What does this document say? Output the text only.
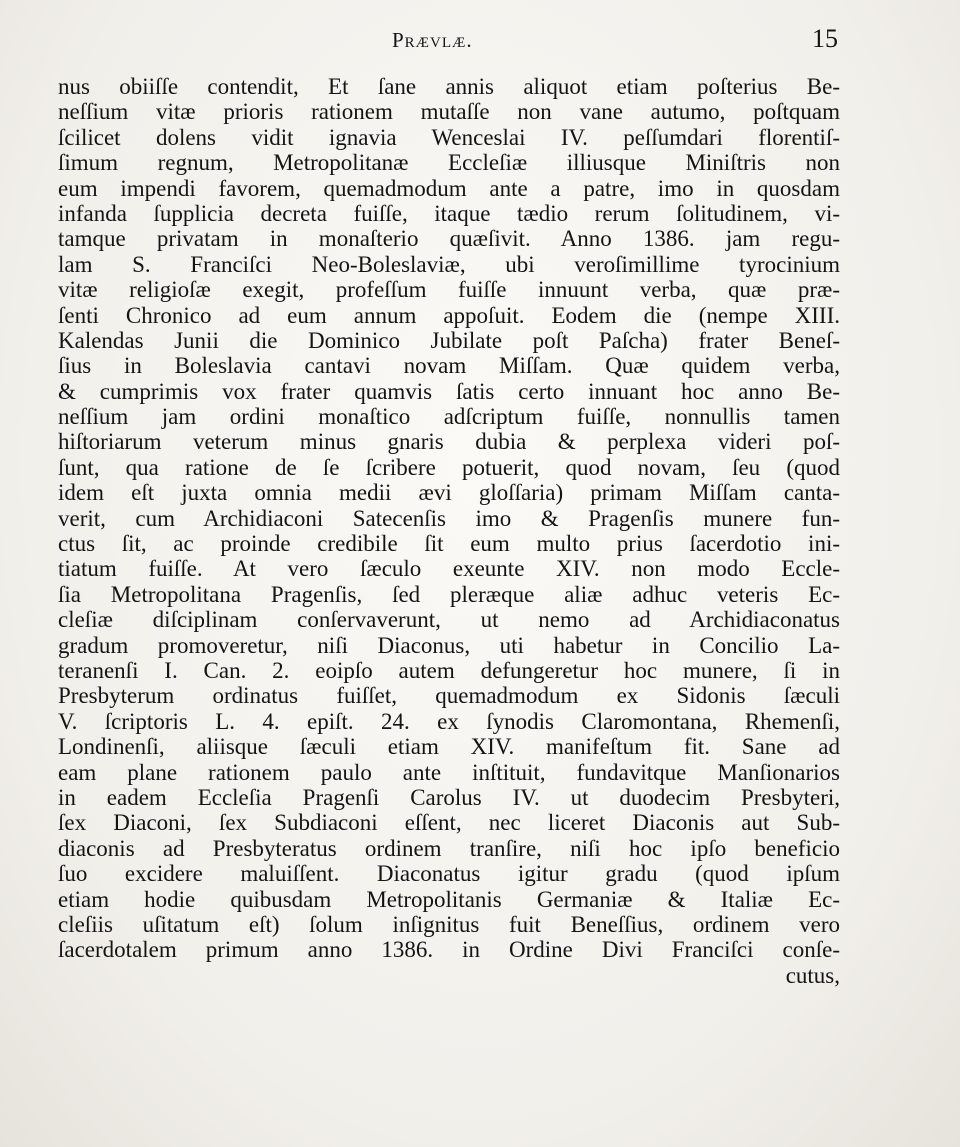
Prævlæ.	15
nus obiiſſe contendit, Et ſane annis aliquot etiam poſterius Be-
neſſium vitæ prioris rationem mutaſſe non vane autumo, poſtquam
ſcilicet dolens vidit ignavia Wenceslai IV. peſſumdari florentiſ-
ſimum regnum, Metropolitanæ Eccleſiæ illiusque Miniſtris non
eum impendi favorem, quemadmodum ante a patre, imo in quosdam
infanda ſupplicia decreta fuiſſe, itaque tædio rerum ſolitudinem, vi-
tamque privatam in monaſterio quæſivit. Anno 1386. jam regu-
lam S. Franciſci Neo-Boleslaviæ, ubi veroſimillime tyrocinium
vitæ religioſæ exegit, profeſſum fuiſſe innuunt verba, quæ præ-
ſenti Chronico ad eum annum appoſuit. Eodem die (nempe XIII.
Kalendas Junii die Dominico Jubilate poſt Paſcha) frater Beneſ-
ſius in Boleslavia cantavi novam Miſſam. Quæ quidem verba,
& cumprimis vox frater quamvis ſatis certo innuant hoc anno Be-
neſſium jam ordini monaſtico adſcriptum fuiſſe, nonnullis tamen
hiſtoriarum veterum minus gnaris dubia & perplexa videri poſ-
ſunt, qua ratione de ſe ſcribere potuerit, quod novam, ſeu (quod
idem eſt juxta omnia medii ævi gloſſaria) primam Miſſam canta-
verit, cum Archidiaconi Satecenſis imo & Pragenſis munere fun-
ctus ſit, ac proinde credibile ſit eum multo prius ſacerdotio ini-
tiatum fuiſſe. At vero ſæculo exeunte XIV. non modo Eccle-
ſia Metropolitana Pragenſis, ſed pleræque aliæ adhuc veteris Ec-
cleſiæ diſciplinam conſervaverunt, ut nemo ad Archidiaconatus
gradum promoveretur, niſi Diaconus, uti habetur in Concilio La-
teranenſi I. Can. 2. eoipſo autem defungeretur hoc munere, ſi in
Presbyterum ordinatus fuiſſet, quemadmodum ex Sidonis ſæculi
V. ſcriptoris L. 4. epiſt. 24. ex ſynodis Claromontana, Rhemenſi,
Londinenſi, aliisque ſæculi etiam XIV. manifeſtum fit. Sane ad
eam plane rationem paulo ante inſtituit, fundavitque Manſionarios
in eadem Eccleſia Pragenſi Carolus IV. ut duodecim Presbyteri,
ſex Diaconi, ſex Subdiaconi eſſent, nec liceret Diaconis aut Sub-
diaconis ad Presbyteratus ordinem tranſire, niſi hoc ipſo beneficio
ſuo excidere maluiſſent. Diaconatus igitur gradu (quod ipſum
etiam hodie quibusdam Metropolitanis Germaniæ & Italiæ Ec-
cleſiis uſitatum eſt) ſolum inſignitus fuit Beneſſius, ordinem vero
ſacerdotalem primum anno 1386. in Ordine Divi Franciſci conſe-
cutus,
